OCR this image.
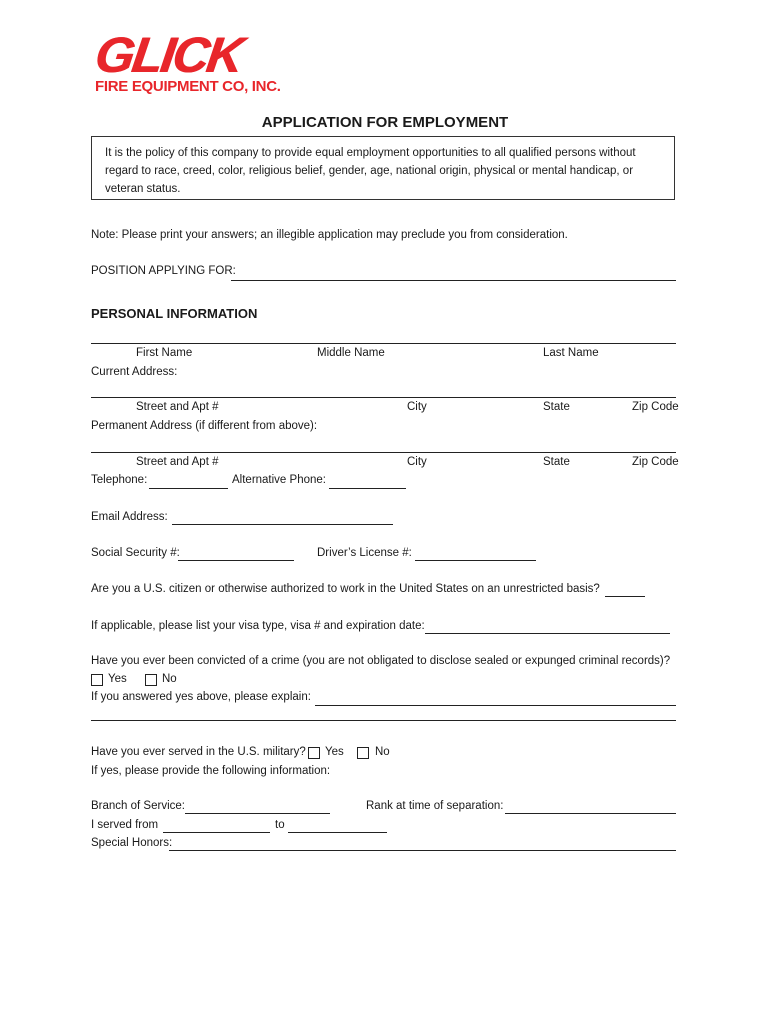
GLICK
FIRE EQUIPMENT CO, INC.
APPLICATION FOR EMPLOYMENT
It is the policy of this company to provide equal employment opportunities to all qualified persons without regard to race, creed, color, religious belief, gender, age, national origin, physical or mental handicap, or veteran status.
Note: Please print your answers; an illegible application may preclude you from consideration.
POSITION APPLYING FOR:
PERSONAL INFORMATION
First Name	Middle Name	Last Name
Current Address:
Street and Apt #	City	State	Zip Code
Permanent Address (if different from above):
Street and Apt #	City	State	Zip Code
Telephone:	Alternative Phone:
Email Address:
Social Security #:	Driver’s License #:
Are you a U.S. citizen or otherwise authorized to work in the United States on an unrestricted basis?
If applicable, please list your visa type, visa # and expiration date:
Have you ever been convicted of a crime (you are not obligated to disclose sealed or expunged criminal records)?
Yes	No
If you answered yes above, please explain:
Have you ever served in the U.S. military? Yes	No
If yes, please provide the following information:
Branch of Service:	Rank at time of separation:
I served from	to
Special Honors:
